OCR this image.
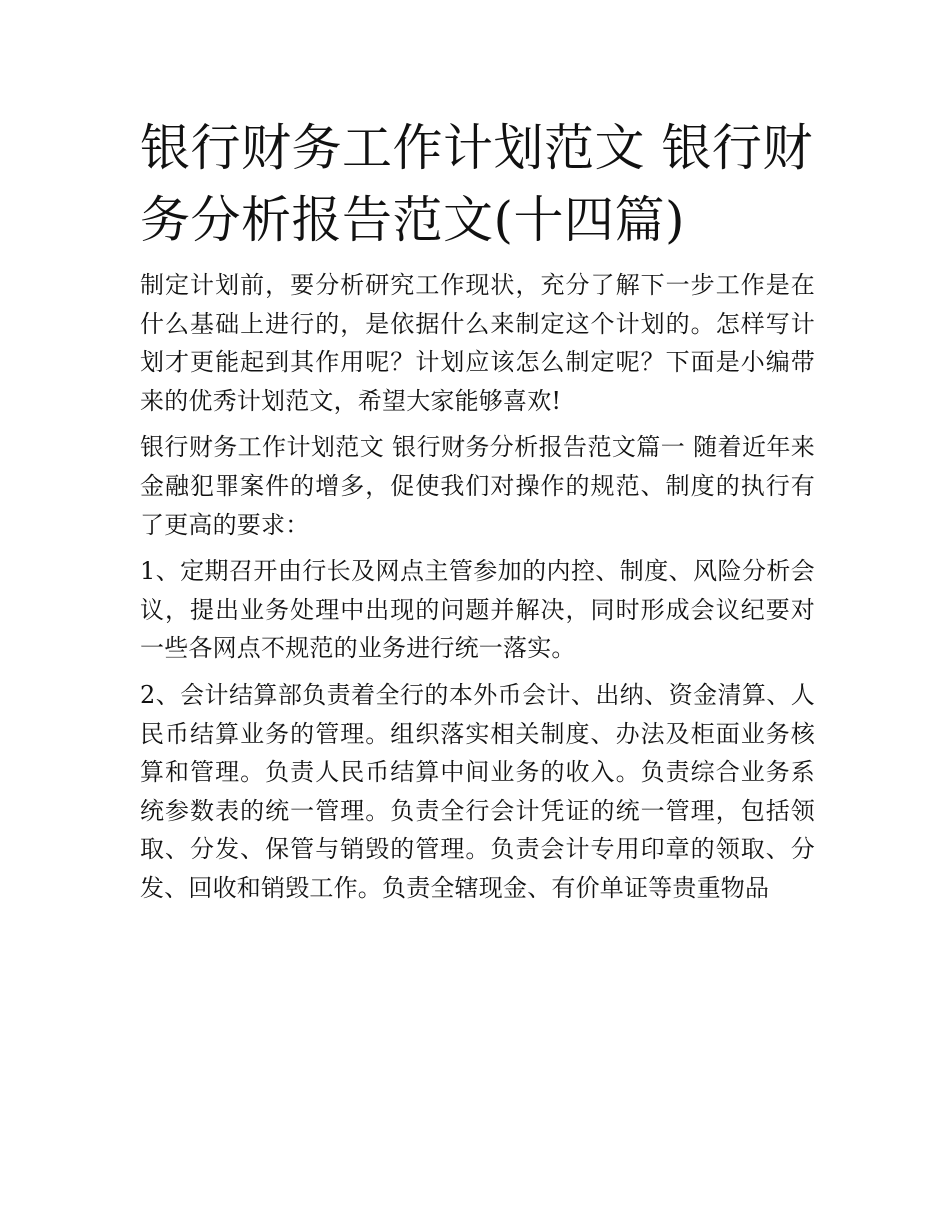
银行财务工作计划范文 银行财务分析报告范文(十四篇)

制定计划前，要分析研究工作现状，充分了解下一步工作是在什么基础上进行的，是依据什么来制定这个计划的。怎样写计划才更能起到其作用呢？计划应该怎么制定呢？下面是小编带来的优秀计划范文，希望大家能够喜欢!

银行财务工作计划范文 银行财务分析报告范文篇一 随着近年来金融犯罪案件的增多，促使我们对操作的规范、制度的执行有了更高的要求：

1、定期召开由行长及网点主管参加的内控、制度、风险分析会议，提出业务处理中出现的问题并解决，同时形成会议纪要对一些各网点不规范的业务进行统一落实。

2、会计结算部负责着全行的本外币会计、出纳、资金清算、人民币结算业务的管理。组织落实相关制度、办法及柜面业务核算和管理。负责人民币结算中间业务的收入。负责综合业务系统参数表的统一管理。负责全行会计凭证的统一管理，包括领取、分发、保管与销毁的管理。负责会计专用印章的领取、分发、回收和销毁工作。负责全辖现金、有价单证等贵重物品
